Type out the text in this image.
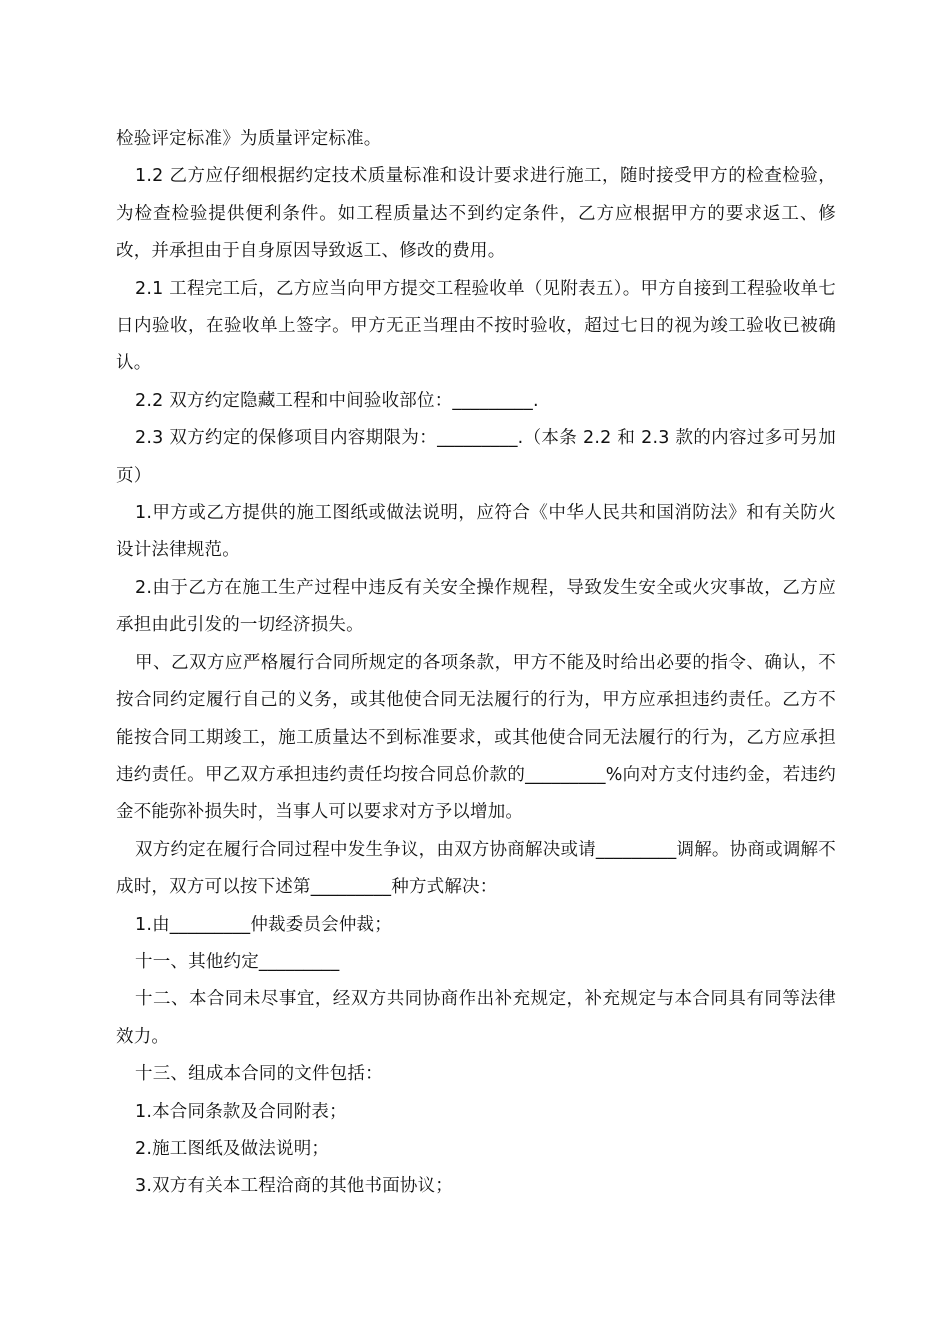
检验评定标准》为质量评定标准。

1.2 乙方应仔细根据约定技术质量标准和设计要求进行施工，随时接受甲方的检查检验，为检查检验提供便利条件。如工程质量达不到约定条件，乙方应根据甲方的要求返工、修改，并承担由于自身原因导致返工、修改的费用。

2.1 工程完工后，乙方应当向甲方提交工程验收单（见附表五）。甲方自接到工程验收单七日内验收，在验收单上签字。甲方无正当理由不按时验收，超过七日的视为竣工验收已被确认。

2.2 双方约定隐藏工程和中间验收部位：_________.

2.3 双方约定的保修项目内容期限为：_________.（本条 2.2 和 2.3 款的内容过多可另加页）

1.甲方或乙方提供的施工图纸或做法说明，应符合《中华人民共和国消防法》和有关防火设计法律规范。

2.由于乙方在施工生产过程中违反有关安全操作规程，导致发生安全或火灾事故，乙方应承担由此引发的一切经济损失。

甲、乙双方应严格履行合同所规定的各项条款，甲方不能及时给出必要的指令、确认，不按合同约定履行自己的义务，或其他使合同无法履行的行为，甲方应承担违约责任。乙方不能按合同工期竣工，施工质量达不到标准要求，或其他使合同无法履行的行为，乙方应承担违约责任。甲乙双方承担违约责任均按合同总价款的_________%向对方支付违约金，若违约金不能弥补损失时，当事人可以要求对方予以增加。

双方约定在履行合同过程中发生争议，由双方协商解决或请_________调解。协商或调解不成时，双方可以按下述第_________种方式解决：

1.由_________仲裁委员会仲裁；

十一、其他约定_________

十二、本合同未尽事宜，经双方共同协商作出补充规定，补充规定与本合同具有同等法律效力。

十三、组成本合同的文件包括：

1.本合同条款及合同附表；

2.施工图纸及做法说明；

3.双方有关本工程洽商的其他书面协议；
